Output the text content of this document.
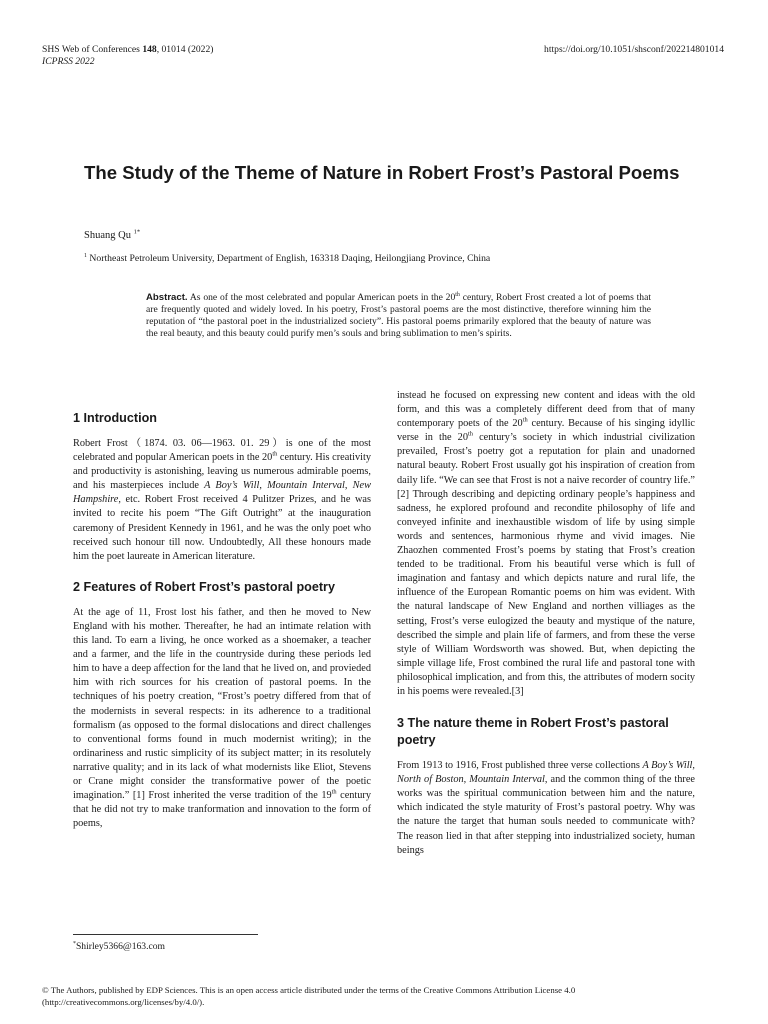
SHS Web of Conferences 148, 01014 (2022)
ICPRSS 2022
https://doi.org/10.1051/shsconf/202214801014
The Study of the Theme of Nature in Robert Frost’s Pastoral Poems
Shuang Qu $^{1*}$
$^1$ Northeast Petroleum University, Department of English, 163318 Daqing, Heilongjiang Province, China

Abstract. As one of the most celebrated and popular American poets in the 20th century, Robert Frost created a lot of poems that are frequently quoted and widely loved. In his poetry, Frost’s pastoral poems are the most distinctive, therefore winning him the reputation of “the pastoral poet in the industrialized society”. His pastoral poems primarily explored that the beauty of nature was the real beauty, and this beauty could purify men’s souls and bring sublimation to men’s spirits.

1 Introduction

Robert Frost（1874. 03. 06—1963. 01. 29）is one of the most celebrated and popular American poets in the 20th century. His creativity and productivity is astonishing, leaving us numerous admirable poems, and his masterpieces include A Boy’s Will, Mountain Interval, New Hampshire, etc. Robert Frost received 4 Pulitzer Prizes, and he was invited to recite his poem “The Gift Outright” at the inauguration caremony of President Kennedy in 1961, and he was the only poet who received such honour till now. Undoubtedly, All these honours made him the poet laureate in American literature.

2 Features of Robert Frost’s pastoral poetry

At the age of 11, Frost lost his father, and then he moved to New England with his mother. Thereafter, he had an intimate relation with this land. To earn a living, he once worked as a shoemaker, a teacher and a farmer, and the life in the countryside during these periods led him to have a deep affection for the land that he lived on, and provieded him with rich sources for his creation of pastoral poems. In the techniques of his poetry creation, “Frost’s poetry differed from that of the modernists in several respects: in its adherence to a traditional formalism (as opposed to the formal dislocations and direct challenges to conventional forms found in much modernist writing); in the ordinariness and rustic simplicity of its subject matter; in its resolutely narrative quality; and in its lack of what modernists like Eliot, Stevens or Crane might consider the transformative power of the poetic imagination.” [1] Frost inherited the verse tradition of the 19th century that he did not try to make tranformation and innovation to the form of poems,

instead he focused on expressing new content and ideas with the old form, and this was a completely different deed from that of many contemporary poets of the 20th century. Because of his singing idyllic verse in the 20th century’s society in which industrial civilization prevailed, Frost’s poetry got a reputation for plain and unadorned natural beauty. Robert Frost usually got his inspiration of creation from daily life. “We can see that Frost is not a naive recorder of country life.” [2] Through describing and depicting ordinary people’s happiness and sadness, he explored profound and recondite philosophy of life and conveyed infinite and inexhaustible wisdom of life by using simple words and sentences, harmonious rhyme and vivid images. Nie Zhaozhen commented Frost’s poems by stating that Frost’s creation tended to be traditional. From his beautiful verse which is full of imagination and fantasy and which depicts nature and rural life, the influence of the European Romantic poems on him was evident. With the natural landscape of New England and northen villiages as the setting, Frost’s verse eulogized the beauty and mystique of the nature, described the simple and plain life of farmers, and from these the verse style of William Wordsworth was showed. But, when depicting the simple village life, Frost combined the rural life and pastoral tone with philosophical implication, and from this, the attributes of modern socity in his poems were revealed.[3]

3 The nature theme in Robert Frost’s pastoral poetry

From 1913 to 1916, Frost published three verse collections A Boy’s Will, North of Boston, Mountain Interval, and the common thing of the three works was the spiritual communication between him and the nature, which indicated the style maturity of Frost’s pastoral poetry. Why was the nature the target that human souls needed to communicate with? The reason lied in that after stepping into industrialized society, human beings

*Shirley5366@163.com
© The Authors, published by EDP Sciences. This is an open access article distributed under the terms of the Creative Commons Attribution License 4.0 (http://creativecommons.org/licenses/by/4.0/).
